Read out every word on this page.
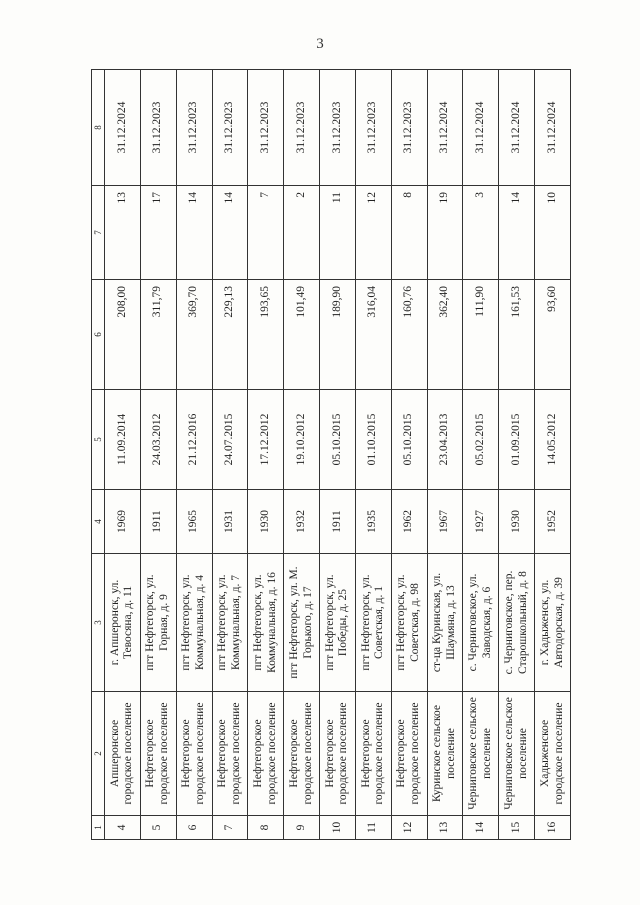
3
1	2	3	4	5	6	7	8
4	Апшеронское городское поселение	г. Апшеронск, ул. Тевосяна, д. 11	1969	11.09.2014	208,00	13	31.12.2024
5	Нефтегорское городское поселение	пгт Нефтегорск, ул. Горная, д. 9	1911	24.03.2012	311,79	17	31.12.2023
6	Нефтегорское городское поселение	пгт Нефтегорск, ул. Коммунальная, д. 4	1965	21.12.2016	369,70	14	31.12.2023
7	Нефтегорское городское поселение	пгт Нефтегорск, ул. Коммунальная, д. 7	1931	24.07.2015	229,13	14	31.12.2023
8	Нефтегорское городское поселение	пгт Нефтегорск, ул. Коммунальная, д. 16	1930	17.12.2012	193,65	7	31.12.2023
9	Нефтегорское городское поселение	пгт Нефтегорск, ул. М. Горького, д. 17	1932	19.10.2012	101,49	2	31.12.2023
10	Нефтегорское городское поселение	пгт Нефтегорск, ул. Победы, д. 25	1911	05.10.2015	189,90	11	31.12.2023
11	Нефтегорское городское поселение	пгт Нефтегорск, ул. Советская, д. 1	1935	01.10.2015	316,04	12	31.12.2023
12	Нефтегорское городское поселение	пгт Нефтегорск, ул. Советская, д. 98	1962	05.10.2015	160,76	8	31.12.2023
13	Куринское сельское поселение	ст-ца Куринская, ул. Шаумяна, д. 13	1967	23.04.2013	362,40	19	31.12.2024
14	Черниговское сельское поселение	с. Черниговское, ул. Заводская, д. 6	1927	05.02.2015	111,90	3	31.12.2024
15	Черниговское сельское поселение	с. Черниговское, пер. Старошкольный, д. 8	1930	01.09.2015	161,53	14	31.12.2024
16	Хадыженское городское поселение	г. Хадыженск, ул. Автодорская, д. 39	1952	14.05.2012	93,60	10	31.12.2024
